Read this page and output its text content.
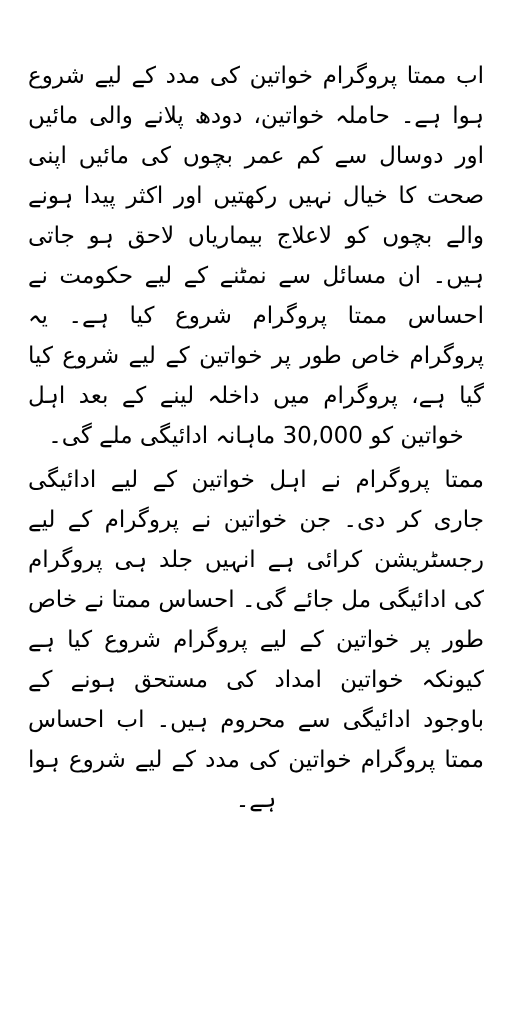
اب ممتا پروگرام خواتین کی مدد کے لیے شروع ہوا ہے۔ حاملہ خواتین، دودھ پلانے والی مائیں اور دوسال سے کم عمر بچوں کی مائیں اپنی صحت کا خیال نہیں رکھتیں اور اکثر پیدا ہونے والے بچوں کو لاعلاج بیماریاں لاحق ہو جاتی ہیں۔ ان مسائل سے نمٹنے کے لیے حکومت نے احساس ممتا پروگرام شروع کیا ہے۔ یہ پروگرام خاص طور پر خواتین کے لیے شروع کیا گیا ہے، پروگرام میں داخلہ لینے کے بعد اہل خواتین کو 30,000 ماہانہ ادائیگی ملے گی۔

ممتا پروگرام نے اہل خواتین کے لیے ادائیگی جاری کر دی۔ جن خواتین نے پروگرام کے لیے رجسٹریشن کرائی ہے انہیں جلد ہی پروگرام کی ادائیگی مل جائے گی۔ احساس ممتا نے خاص طور پر خواتین کے لیے پروگرام شروع کیا ہے کیونکہ خواتین امداد کی مستحق ہونے کے باوجود ادائیگی سے محروم ہیں۔ اب احساس ممتا پروگرام خواتین کی مدد کے لیے شروع ہوا ہے۔
